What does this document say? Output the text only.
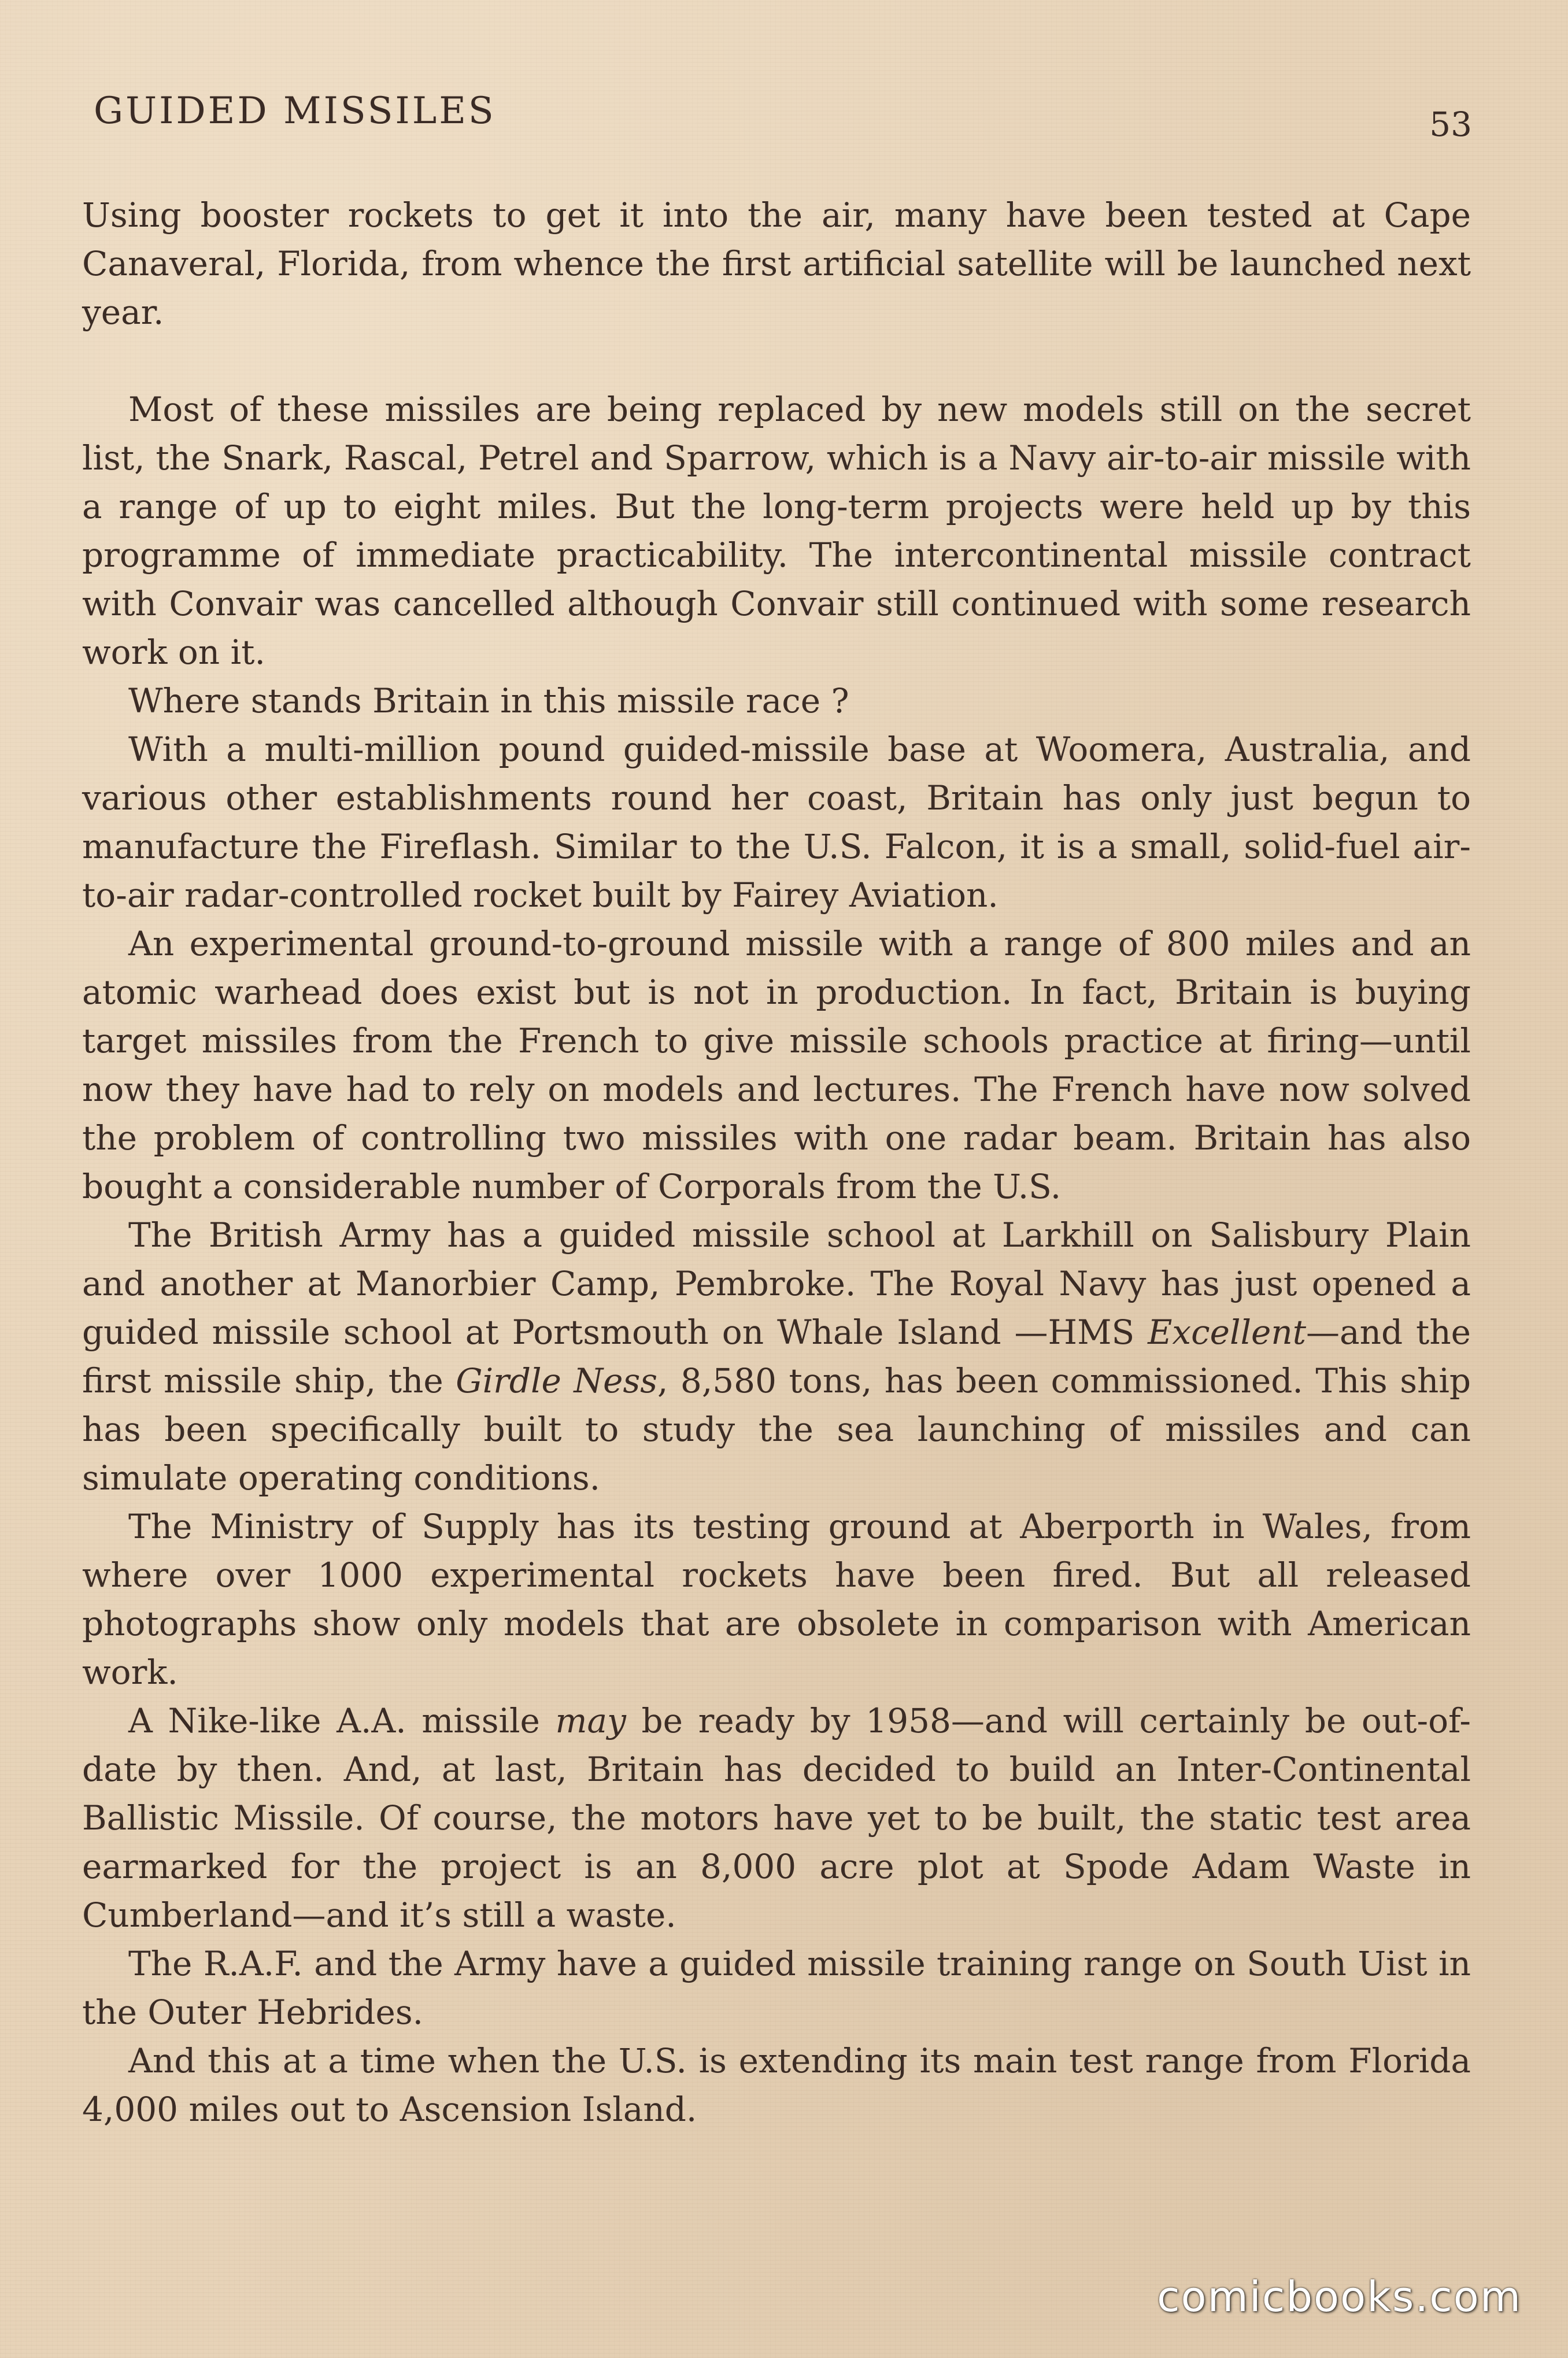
GUIDED MISSILES	53

Using booster rockets to get it into the air, many have been tested at Cape Canaveral, Florida, from whence the first artificial satellite will be launched next year.

Most of these missiles are being replaced by new models still on the secret list, the Snark, Rascal, Petrel and Sparrow, which is a Navy air-to-air missile with a range of up to eight miles. But the long-term projects were held up by this programme of immediate practicability. The intercontinental missile contract with Convair was cancelled although Convair still continued with some research work on it.

Where stands Britain in this missile race ?

With a multi-million pound guided-missile base at Woomera, Australia, and various other establishments round her coast, Britain has only just begun to manufacture the Fireflash. Similar to the U.S. Falcon, it is a small, solid-fuel air-to-air radar-controlled rocket built by Fairey Aviation.

An experimental ground-to-ground missile with a range of 800 miles and an atomic warhead does exist but is not in production. In fact, Britain is buying target missiles from the French to give missile schools practice at firing—until now they have had to rely on models and lectures. The French have now solved the problem of controlling two missiles with one radar beam. Britain has also bought a considerable number of Corporals from the U.S.

The British Army has a guided missile school at Larkhill on Salisbury Plain and another at Manorbier Camp, Pembroke. The Royal Navy has just opened a guided missile school at Portsmouth on Whale Island —HMS Excellent—and the first missile ship, the Girdle Ness, 8,580 tons, has been commissioned. This ship has been specifically built to study the sea launching of missiles and can simulate operating conditions.

The Ministry of Supply has its testing ground at Aberporth in Wales, from where over 1000 experimental rockets have been fired. But all released photographs show only models that are obsolete in comparison with American work.

A Nike-like A.A. missile may be ready by 1958—and will certainly be out-of-date by then. And, at last, Britain has decided to build an Inter-Continental Ballistic Missile. Of course, the motors have yet to be built, the static test area earmarked for the project is an 8,000 acre plot at Spode Adam Waste in Cumberland—and it’s still a waste.

The R.A.F. and the Army have a guided missile training range on South Uist in the Outer Hebrides.

And this at a time when the U.S. is extending its main test range from Florida 4,000 miles out to Ascension Island.

comicbooks.com
